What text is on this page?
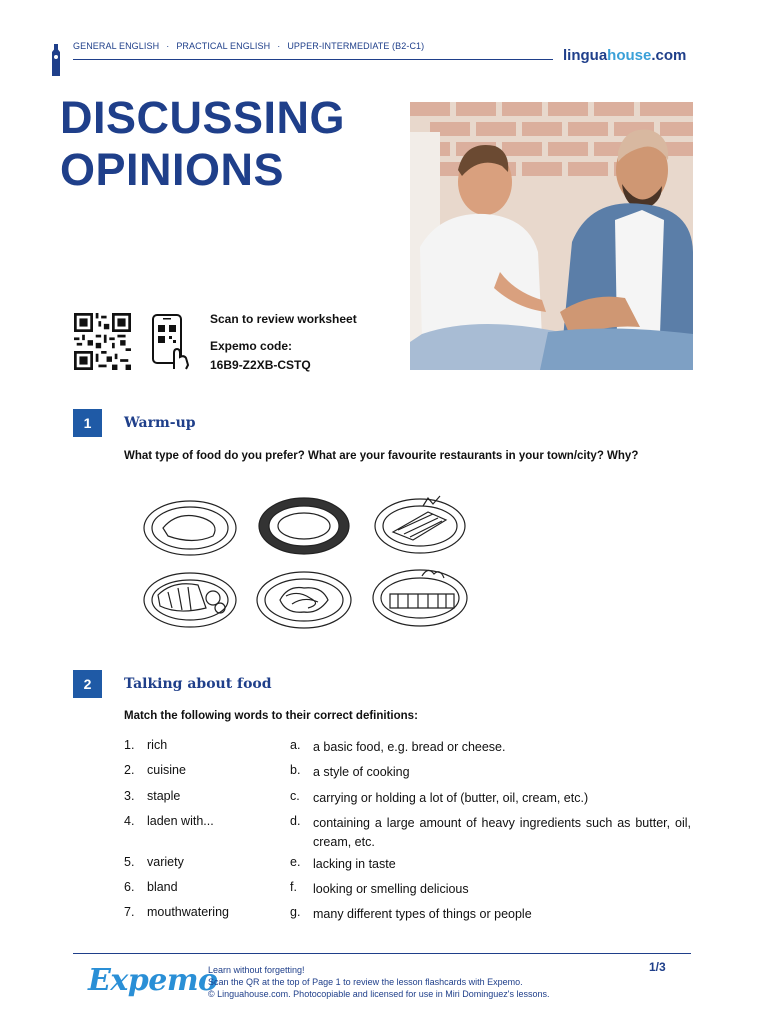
GENERAL ENGLISH · PRACTICAL ENGLISH · UPPER-INTERMEDIATE (B2-C1)
linguahouse.com
DISCUSSING
OPINIONS
Scan to review worksheet
Expemo code:
16B9-Z2XB-CSTQ
1	Warm-up
What type of food do you prefer? What are your favourite restaurants in your town/city? Why?
2	Talking about food
Match the following words to their correct definitions:
1. rich	a. a basic food, e.g. bread or cheese.
2. cuisine	b. a style of cooking
3. staple	c. carrying or holding a lot of (butter, oil, cream, etc.)
4. laden with...	d. containing a large amount of heavy ingredients such as butter, oil, cream, etc.
5. variety	e. lacking in taste
6. bland	f. looking or smelling delicious
7. mouthwatering	g. many different types of things or people
Expemo
Learn without forgetting!
Scan the QR at the top of Page 1 to review the lesson flashcards with Expemo.
© Linguahouse.com. Photocopiable and licensed for use in Miri Dominguez's lessons.
1/3
